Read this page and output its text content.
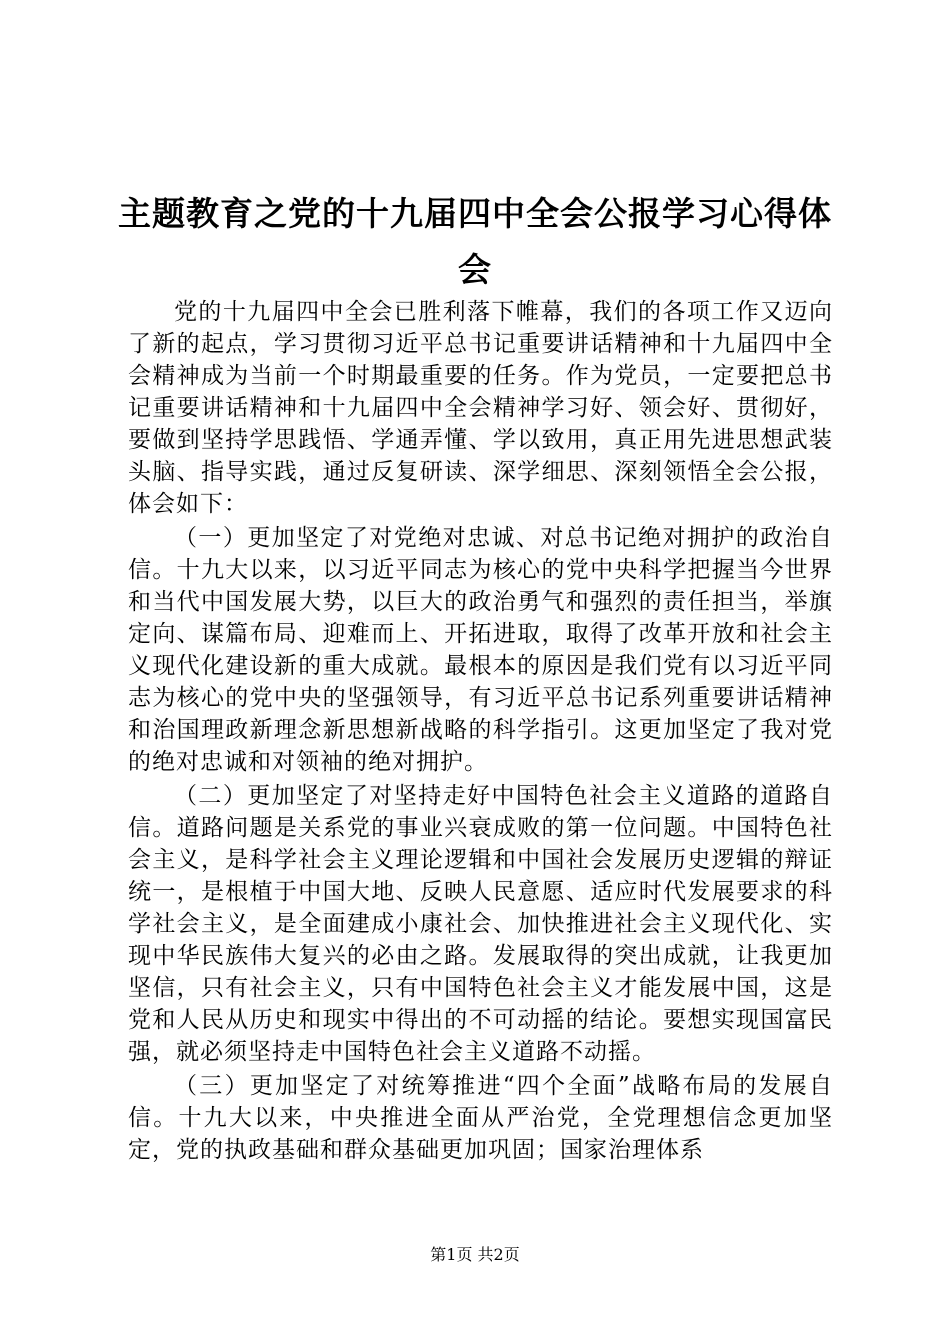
主题教育之党的十九届四中全会公报学习心得体会

党的十九届四中全会已胜利落下帷幕，我们的各项工作又迈向了新的起点，学习贯彻习近平总书记重要讲话精神和十九届四中全会精神成为当前一个时期最重要的任务。作为党员，一定要把总书记重要讲话精神和十九届四中全会精神学习好、领会好、贯彻好，要做到坚持学思践悟、学通弄懂、学以致用，真正用先进思想武装头脑、指导实践，通过反复研读、深学细思、深刻领悟全会公报，体会如下：

（一）更加坚定了对党绝对忠诚、对总书记绝对拥护的政治自信。十九大以来，以习近平同志为核心的党中央科学把握当今世界和当代中国发展大势，以巨大的政治勇气和强烈的责任担当，举旗定向、谋篇布局、迎难而上、开拓进取，取得了改革开放和社会主义现代化建设新的重大成就。最根本的原因是我们党有以习近平同志为核心的党中央的坚强领导，有习近平总书记系列重要讲话精神和治国理政新理念新思想新战略的科学指引。这更加坚定了我对党的绝对忠诚和对领袖的绝对拥护。

（二）更加坚定了对坚持走好中国特色社会主义道路的道路自信。道路问题是关系党的事业兴衰成败的第一位问题。中国特色社会主义，是科学社会主义理论逻辑和中国社会发展历史逻辑的辩证统一，是根植于中国大地、反映人民意愿、适应时代发展要求的科学社会主义，是全面建成小康社会、加快推进社会主义现代化、实现中华民族伟大复兴的必由之路。发展取得的突出成就，让我更加坚信，只有社会主义，只有中国特色社会主义才能发展中国，这是党和人民从历史和现实中得出的不可动摇的结论。要想实现国富民强，就必须坚持走中国特色社会主义道路不动摇。

（三）更加坚定了对统筹推进“四个全面”战略布局的发展自信。十九大以来，中央推进全面从严治党，全党理想信念更加坚定，党的执政基础和群众基础更加巩固；国家治理体系

第1页 共2页
